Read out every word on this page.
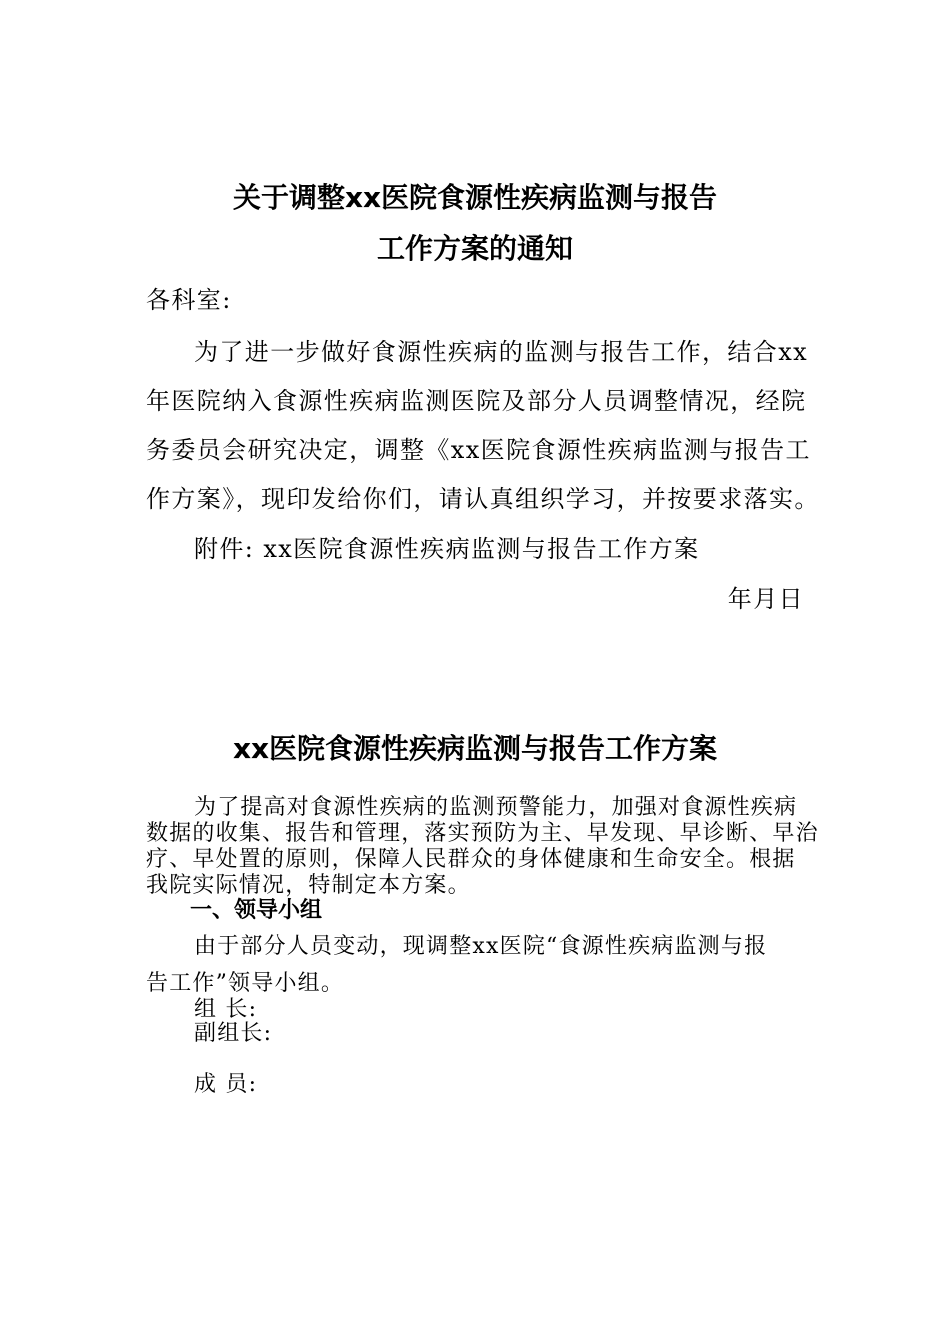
关于调整xx医院食源性疾病监测与报告
工作方案的通知
各科室:
为了进一步做好食源性疾病的监测与报告工作，结合xx
年医院纳入食源性疾病监测医院及部分人员调整情况，经院
务委员会研究决定，调整《xx医院食源性疾病监测与报告工
作方案》，现印发给你们，请认真组织学习，并按要求落实。
附件: xx医院食源性疾病监测与报告工作方案
年月日
xx医院食源性疾病监测与报告工作方案
为了提高对食源性疾病的监测预警能力，加强对食源性疾病
数据的收集、报告和管理，落实预防为主、早发现、早诊断、早治
疗、早处置的原则，保障人民群众的身体健康和生命安全。根据
我院实际情况，特制定本方案。
一、领导小组
由于部分人员变动，现调整xx医院“食源性疾病监测与报
告工作”领导小组。
组 长:
副组长:
成 员:
